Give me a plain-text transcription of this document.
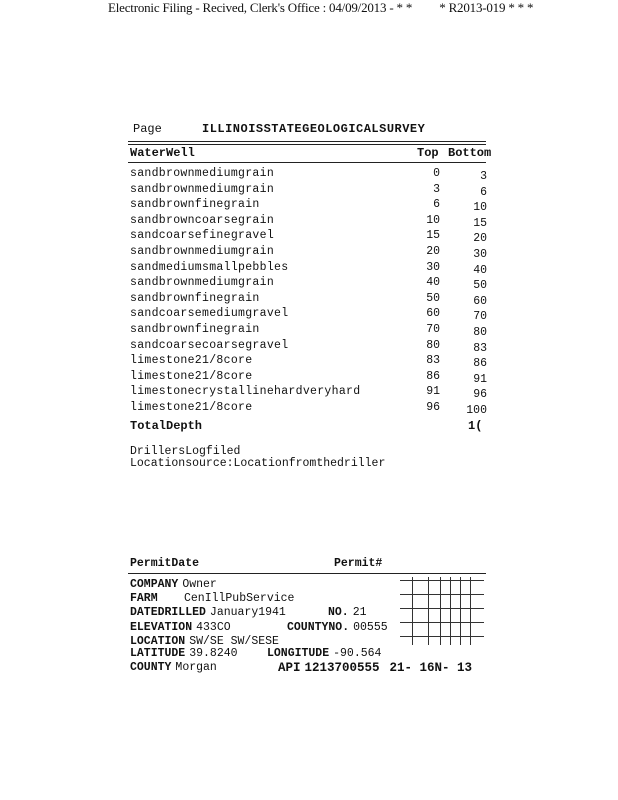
Electronic Filing - Recived, Clerk's Office : 04/09/2013 - * * * R2013-019 * * *
Page	ILLINOISSTATEGEOLOGICALSURVEY
WaterWell	Top Bottom
sandbrownmediumgrain	0	3
sandbrownmediumgrain	3	6
sandbrownfinegrain	6	10
sandbrowncoarsegrain	10	15
sandcoarsefinegravel	15	20
sandbrownmediumgrain	20	30
sandmediumsmallpebbles	30	40
sandbrownmediumgrain	40	50
sandbrownfinegrain	50	60
sandcoarsemediumgravel	60	70
sandbrownfinegrain	70	80
sandcoarsecoarsegravel	80	83
limestone21/8core	83	86
limestone21/8core	86	91
limestonecrystallinehardveryhard	91	96
limestone21/8core	96	100
TotalDepth	1(
DrillersLogfiled
Locationsource:Locationfromthedriller
PermitDate	Permit#
COMPANY Owner
FARM CenIllPubService
DATEDRILLED January1941	NO. 21
ELEVATION 433CO	COUNTYNO. 00555
LOCATION SW/SE SW/SESE
LATITUDE 39.8240	LONGITUDE -90.564
COUNTY Morgan	API 1213700555 21- 16N- 13
